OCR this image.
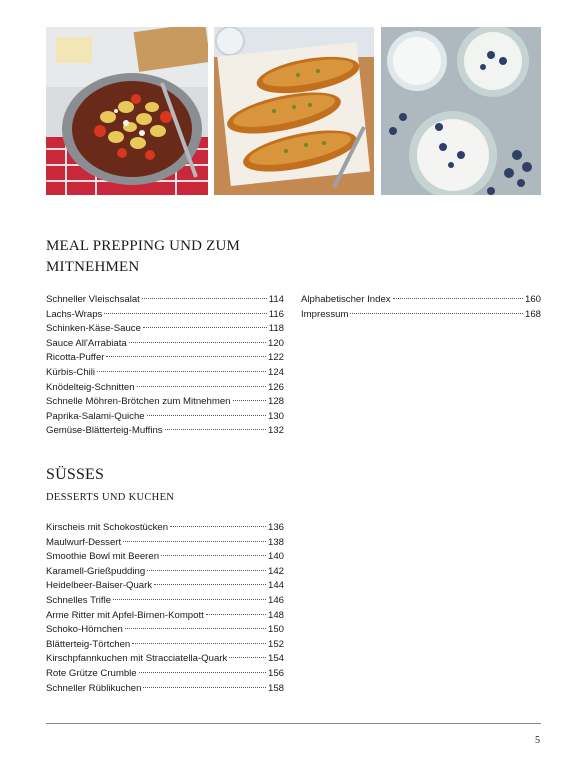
MEAL PREPPING UND ZUM MITNEHMEN
Schneller Vleischsalat	114
Lachs-Wraps	116
Schinken-Käse-Sauce	118
Sauce All'Arrabiata	120
Ricotta-Puffer	122
Kürbis-Chili	124
Knödelteig-Schnitten	126
Schnelle Möhren-Brötchen zum Mitnehmen	128
Paprika-Salami-Quiche	130
Gemüse-Blätterteig-Muffins	132
Alphabetischer Index	160
Impressum	168
SÜSSES
DESSERTS UND KUCHEN
Kirscheis mit Schokostücken	136
Maulwurf-Dessert	138
Smoothie Bowl mit Beeren	140
Karamell-Grießpudding	142
Heidelbeer-Baiser-Quark	144
Schnelles Trifle	146
Arme Ritter mit Apfel-Birnen-Kompott	148
Schoko-Hörnchen	150
Blätterteig-Törtchen	152
Kirschpfannkuchen mit Stracciatella-Quark	154
Rote Grütze Crumble	156
Schneller Rüblikuchen	158
5
